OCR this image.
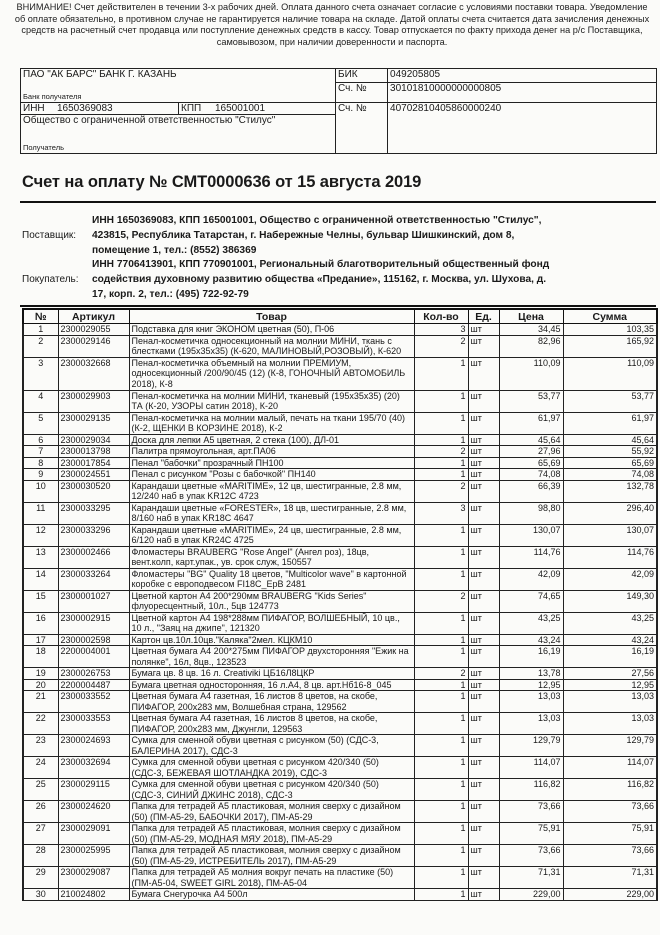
ВНИМАНИЕ! Счет действителен в течении 3-х рабочих дней. Оплата данного счета означает согласие с условиями поставки товара. Уведомление об оплате обязательно, в противном случае не гарантируется наличие товара на складе. Датой оплаты счета считается дата зачисления денежных средств на расчетный счет продавца или поступление денежных средств в кассу. Товар отпускается по факту прихода денег на р/с Поставщика, самовывозом, при наличии доверенности и паспорта.
ПАО "АК БАРС" БАНК Г. КАЗАНЬ
Банк получателя		БИК	049205805
		Сч. №	30101810000000000805
ИНН 1650369083	КПП 165001001	Сч. №	40702810405860000240
Общество с ограниченной ответственностью "Стилус"
Получатель			
Счет на оплату № СМТ0000636 от 15 августа 2019
Поставщик:
ИНН 1650369083, КПП 165001001, Общество с ограниченной ответственностью "Стилус", 423815, Республика Татарстан, г. Набережные Челны, бульвар Шишкинский, дом 8, помещение 1, тел.: (8552) 386369
Покупатель:
ИНН 7706413901, КПП 770901001, Региональный благотворительный общественный фонд содействия духовному развитию общества «Предание», 115162, г. Москва, ул. Шухова, д. 17, корп. 2, тел.: (495) 722-92-79
№	Артикул	Товар	Кол-во	Ед.	Цена	Сумма
1	2300029055	Подставка для книг ЭКОНОМ цветная (50), П-06	3	шт	34,45	103,35
2	2300029146	Пенал-косметичка односекционный на молнии МИНИ, ткань с блестками (195x35x35) (К-620, МАЛИНОВЫЙ,РОЗОВЫЙ), К-620	2	шт	82,96	165,92
3	2300032668	Пенал-косметичка объемный на молнии ПРЕМИУМ, односекционный /200/90/45 (12) (К-8, ГОНОЧНЫЙ АВТОМОБИЛЬ 2018), К-8	1	шт	110,09	110,09
4	2300029903	Пенал-косметичка на молнии МИНИ, тканевый (195x35x35) (20) ТА (К-20, УЗОРЫ сатин 2018), К-20	1	шт	53,77	53,77
5	2300029135	Пенал-косметичка на молнии малый, печать на ткани 195/70 (40) (К-2, ЩЕНКИ В КОРЗИНЕ 2018), К-2	1	шт	61,97	61,97
6	2300029034	Доска для лепки А5 цветная, 2 стека (100), ДЛ-01	1	шт	45,64	45,64
7	2300013798	Палитра прямоугольная, арт.ПА06	2	шт	27,96	55,92
8	2300017854	Пенал "бабочки" прозрачный ПН100	1	шт	65,69	65,69
9	2300024551	Пенал с рисунком "Розы с бабочкой" ПН140	1	шт	74,08	74,08
10	2300030520	Карандаши цветные «MARITIME», 12 цв, шестигранные, 2.8 мм, 12/240 наб в упак KR12C 4723	2	шт	66,39	132,78
11	2300033295	Карандаши цветные «FORESTER», 18 цв, шестигранные, 2.8 мм, 8/160 наб в упак KR18C 4647	3	шт	98,80	296,40
12	2300033296	Карандаши цветные «MARITIME», 24 цв, шестигранные, 2.8 мм, 6/120 наб в упак KR24C 4725	1	шт	130,07	130,07
13	2300002466	Фломастеры BRAUBERG "Rose Angel" (Ангел роз), 18цв, вент.колп, карт.упак., ув. срок служ, 150557	1	шт	114,76	114,76
14	2300033264	Фломастеры "BG" Quality 18 цветов, "Multicolor wave" в картонной коробке с европодвесом FI18C_EpB 2481	1	шт	42,09	42,09
15	2300001027	Цветной картон А4 200*290мм BRAUBERG "Kids Series" флуоресцентный, 10л., 5цв 124773	2	шт	74,65	149,30
16	2300002915	Цветной картон А4 198*288мм ПИФАГОР, ВОЛШЕБНЫЙ, 10 цв., 10 л., "Заяц на джипе", 121320	1	шт	43,25	43,25
17	2300002598	Картон цв.10л.10цв."Каляка"2мел. КЦКМ10	1	шт	43,24	43,24
18	2200004001	Цветная бумага А4 200*275мм ПИФАГОР двухсторонняя "Ежик на полянке", 16л, 8цв., 123523	1	шт	16,19	16,19
19	2300026753	Бумага цв. 8 цв. 16 л. Creativiki ЦБ16Л8ЦКР	2	шт	13,78	27,56
20	2200004487	Бумага цветная односторонняя, 16 л.А4, 8 цв. арт.Нб16-8_045	1	шт	12,95	12,95
21	2300033552	Цветная бумага А4 газетная, 16 листов 8 цветов, на скобе, ПИФАГОР, 200x283 мм, Волшебная страна, 129562	1	шт	13,03	13,03
22	2300033553	Цветная бумага А4 газетная, 16 листов 8 цветов, на скобе, ПИФАГОР, 200x283 мм, Джунгли, 129563	1	шт	13,03	13,03
23	2300024693	Сумка для сменной обуви цветная с рисунком (50) (СДС-3, БАЛЕРИНА 2017), СДС-3	1	шт	129,79	129,79
24	2300032694	Сумка для сменной обуви цветная с рисунком 420/340 (50) (СДС-3, БЕЖЕВАЯ ШОТЛАНДКА 2019), СДС-3	1	шт	114,07	114,07
25	2300029115	Сумка для сменной обуви цветная с рисунком 420/340 (50) (СДС-3, СИНИЙ ДЖИНС 2018), СДС-3	1	шт	116,82	116,82
26	2300024620	Папка для тетрадей А5 пластиковая, молния сверху с дизайном (50) (ПМ-А5-29, БАБОЧКИ 2017), ПМ-А5-29	1	шт	73,66	73,66
27	2300029091	Папка для тетрадей А5 пластиковая, молния сверху с дизайном (50) (ПМ-А5-29, МОДНАЯ МЯУ 2018), ПМ-А5-29	1	шт	75,91	75,91
28	2300025995	Папка для тетрадей А5 пластиковая, молния сверху с дизайном (50) (ПМ-А5-29, ИСТРЕБИТЕЛЬ 2017), ПМ-А5-29	1	шт	73,66	73,66
29	2300029087	Папка для тетрадей А5 молния вокруг печать на пластике (50) (ПМ-А5-04, SWEET GIRL 2018), ПМ-А5-04	1	шт	71,31	71,31
30	210024802	Бумага Снегурочка А4 500л	1	шт	229,00	229,00
